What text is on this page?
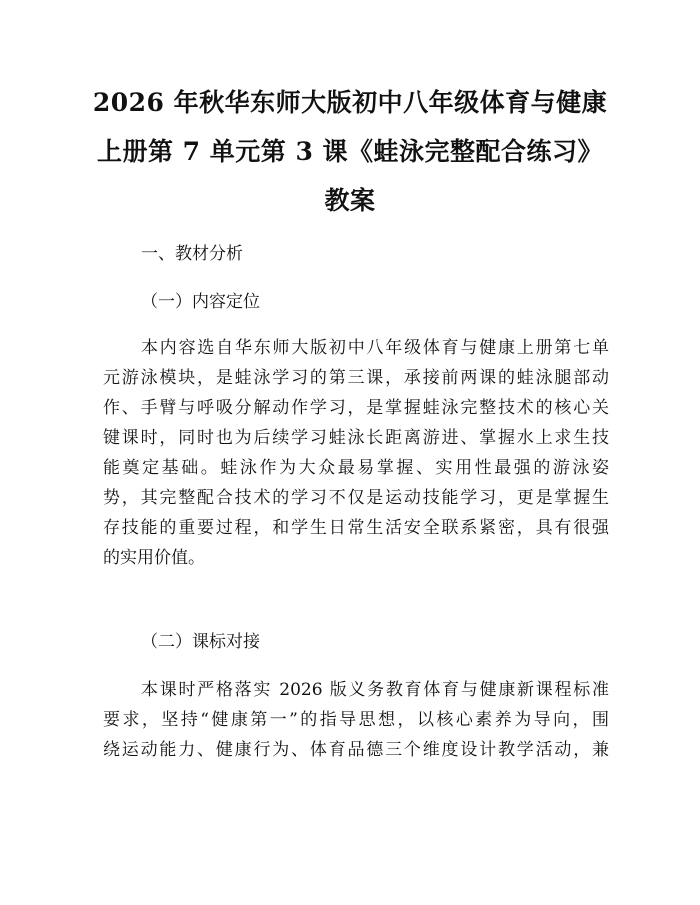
2026 年秋华东师大版初中八年级体育与健康
上册第 7 单元第 3 课《蛙泳完整配合练习》
教案
一、教材分析
（一）内容定位
本内容选自华东师大版初中八年级体育与健康上册第七单
元游泳模块，是蛙泳学习的第三课，承接前两课的蛙泳腿部动
作、手臂与呼吸分解动作学习，是掌握蛙泳完整技术的核心关
键课时，同时也为后续学习蛙泳长距离游进、掌握水上求生技
能奠定基础。蛙泳作为大众最易掌握、实用性最强的游泳姿
势，其完整配合技术的学习不仅是运动技能学习，更是掌握生
存技能的重要过程，和学生日常生活安全联系紧密，具有很强
的实用价值。
（二）课标对接
本课时严格落实 2026 版义务教育体育与健康新课程标准
要求，坚持“健康第一”的指导思想，以核心素养为导向，围
绕运动能力、健康行为、体育品德三个维度设计教学活动，兼
